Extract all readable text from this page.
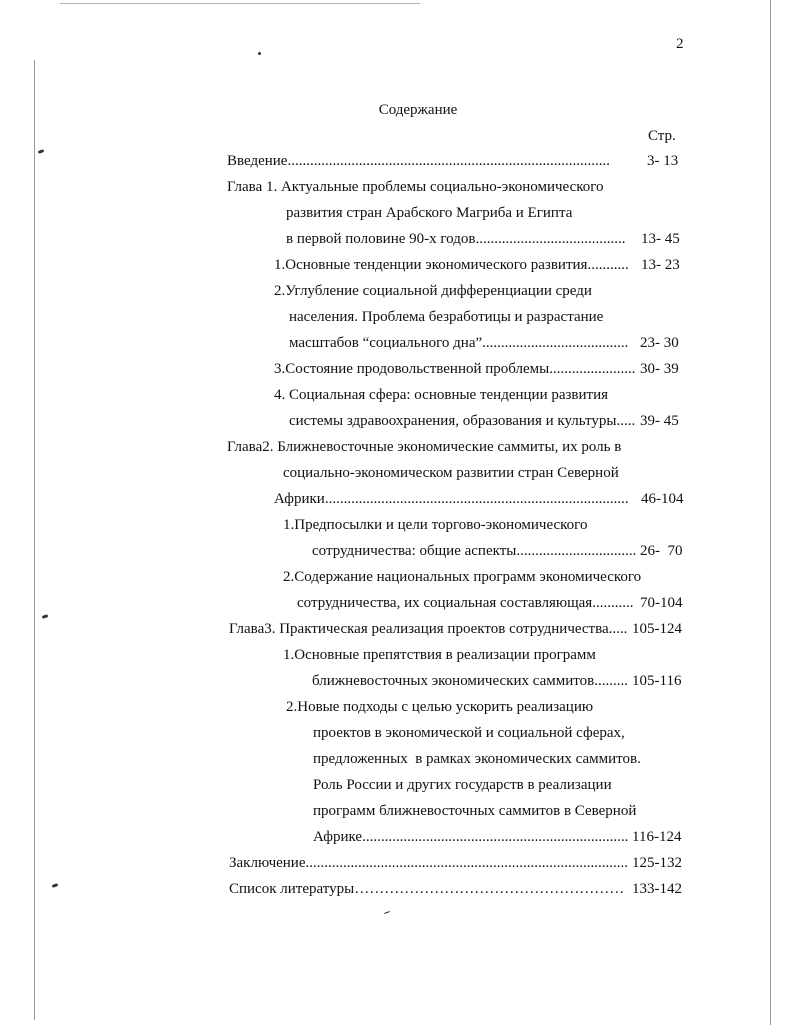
2
Содержание
Стр.
Введение...................................................................................... 3- 13
Глава 1. Актуальные проблемы социально-экономического
развития стран Арабского Магриба и Египта
в первой половине 90-х годов........................................ 13- 45
1.Основные тенденции экономического развития........... 13- 23
2.Углубление социальной дифференциации среди
населения. Проблема безработицы и разрастание
масштабов “социального дна”....................................... 23- 30
3.Состояние продовольственной проблемы....................... 30- 39
4. Социальная сфера: основные тенденции развития
системы здравоохранения, образования и культуры..... 39- 45
Глава2. Ближневосточные экономические саммиты, их роль в
социально-экономическом развитии стран Северной
Африки................................................................................. 46-104
1.Предпосылки и цели торгово-экономического
сотрудничества: общие аспекты................................ 26-  70
2.Содержание национальных программ экономического
сотрудничества, их социальная составляющая........... 70-104
Глава3. Практическая реализация проектов сотрудничества..... 105-124
1.Основные препятствия в реализации программ
ближневосточных экономических саммитов......... 105-116
2.Новые подходы с целью ускорить реализацию
проектов в экономической и социальной сферах,
предложенных  в рамках экономических саммитов.
Роль России и других государств в реализации
программ ближневосточных саммитов в Северной
Африке....................................................................... 116-124
Заключение...................................................................................... 125-132
Список литературы……………………………………………… 133-142
